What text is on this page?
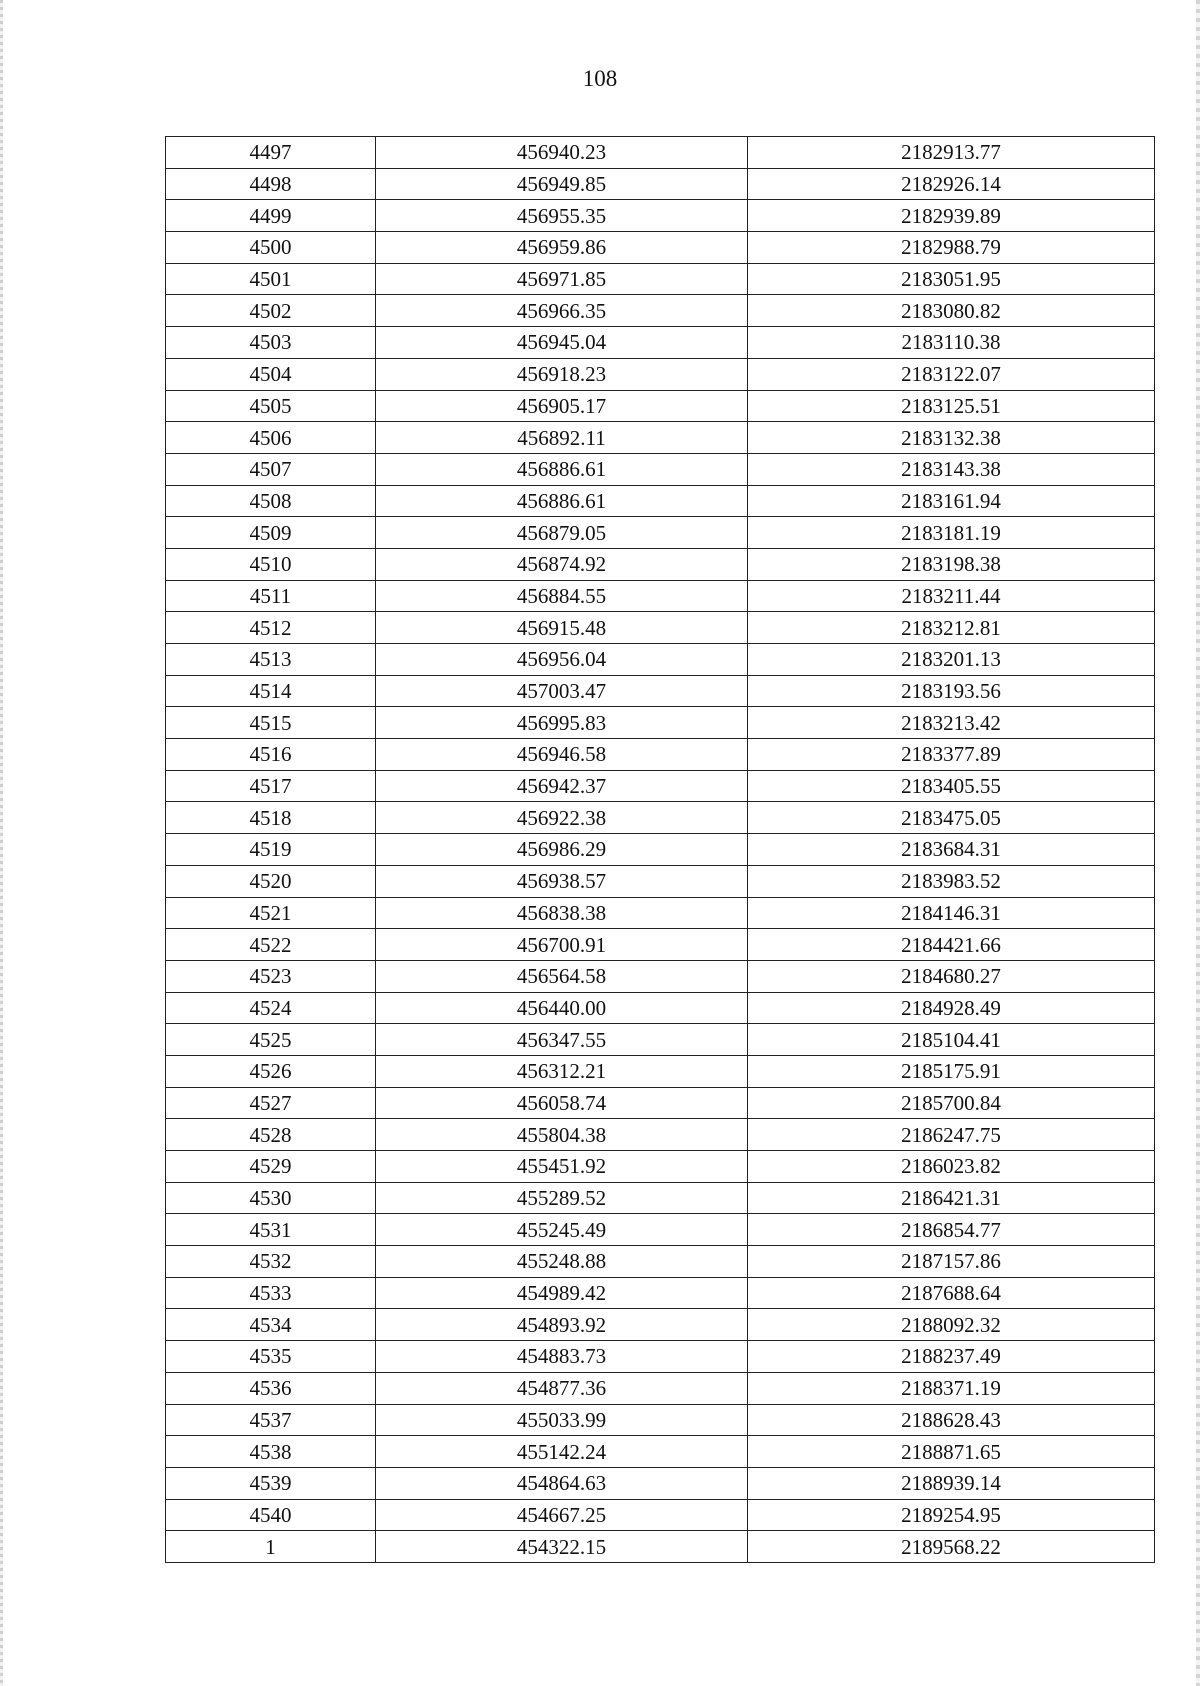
108
4497	456940.23	2182913.77
4498	456949.85	2182926.14
4499	456955.35	2182939.89
4500	456959.86	2182988.79
4501	456971.85	2183051.95
4502	456966.35	2183080.82
4503	456945.04	2183110.38
4504	456918.23	2183122.07
4505	456905.17	2183125.51
4506	456892.11	2183132.38
4507	456886.61	2183143.38
4508	456886.61	2183161.94
4509	456879.05	2183181.19
4510	456874.92	2183198.38
4511	456884.55	2183211.44
4512	456915.48	2183212.81
4513	456956.04	2183201.13
4514	457003.47	2183193.56
4515	456995.83	2183213.42
4516	456946.58	2183377.89
4517	456942.37	2183405.55
4518	456922.38	2183475.05
4519	456986.29	2183684.31
4520	456938.57	2183983.52
4521	456838.38	2184146.31
4522	456700.91	2184421.66
4523	456564.58	2184680.27
4524	456440.00	2184928.49
4525	456347.55	2185104.41
4526	456312.21	2185175.91
4527	456058.74	2185700.84
4528	455804.38	2186247.75
4529	455451.92	2186023.82
4530	455289.52	2186421.31
4531	455245.49	2186854.77
4532	455248.88	2187157.86
4533	454989.42	2187688.64
4534	454893.92	2188092.32
4535	454883.73	2188237.49
4536	454877.36	2188371.19
4537	455033.99	2188628.43
4538	455142.24	2188871.65
4539	454864.63	2188939.14
4540	454667.25	2189254.95
1	454322.15	2189568.22
